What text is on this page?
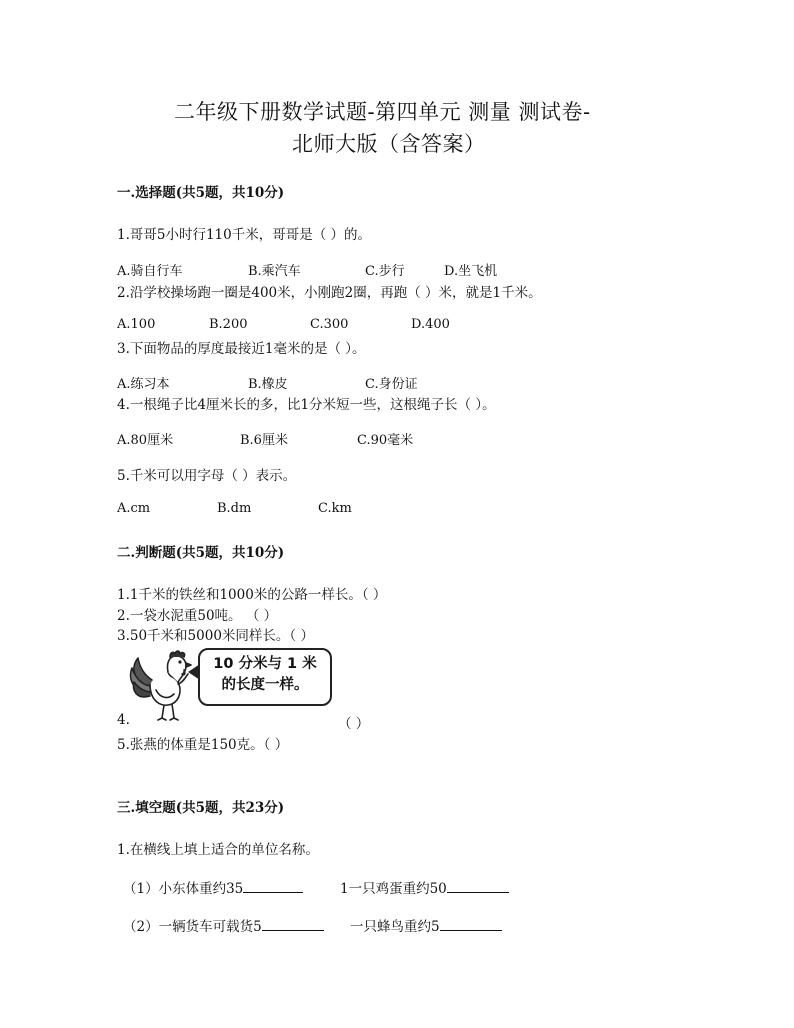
二年级下册数学试题-第四单元 测量 测试卷-
北师大版（含答案）
一.选择题(共5题，共10分)
1.哥哥5小时行110千米，哥哥是（ ）的。
A.骑自行车	B.乘汽车	C.步行	D.坐飞机
2.沿学校操场跑一圈是400米，小刚跑2圈，再跑（ ）米，就是1千米。
A.100	B.200	C.300	D.400
3.下面物品的厚度最接近1毫米的是（ ）。
A.练习本	B.橡皮	C.身份证
4.一根绳子比4厘米长的多，比1分米短一些，这根绳子长（ ）。
A.80厘米	B.6厘米	C.90毫米
5.千米可以用字母（ ）表示。
A.cm	B.dm	C.km
二.判断题(共5题，共10分)
1.1千米的铁丝和1000米的公路一样长。（ ）
2.一袋水泥重50吨。 （ ）
3.50千米和5000米同样长。（ ）
10 分米与 1 米
的长度一样。
4.	（ ）
5.张燕的体重是150克。（ ）
三.填空题(共5题，共23分)
1.在横线上填上适合的单位名称。
（1）小东体重约35	1一只鸡蛋重约50
（2）一辆货车可载货5	一只蜂鸟重约5
